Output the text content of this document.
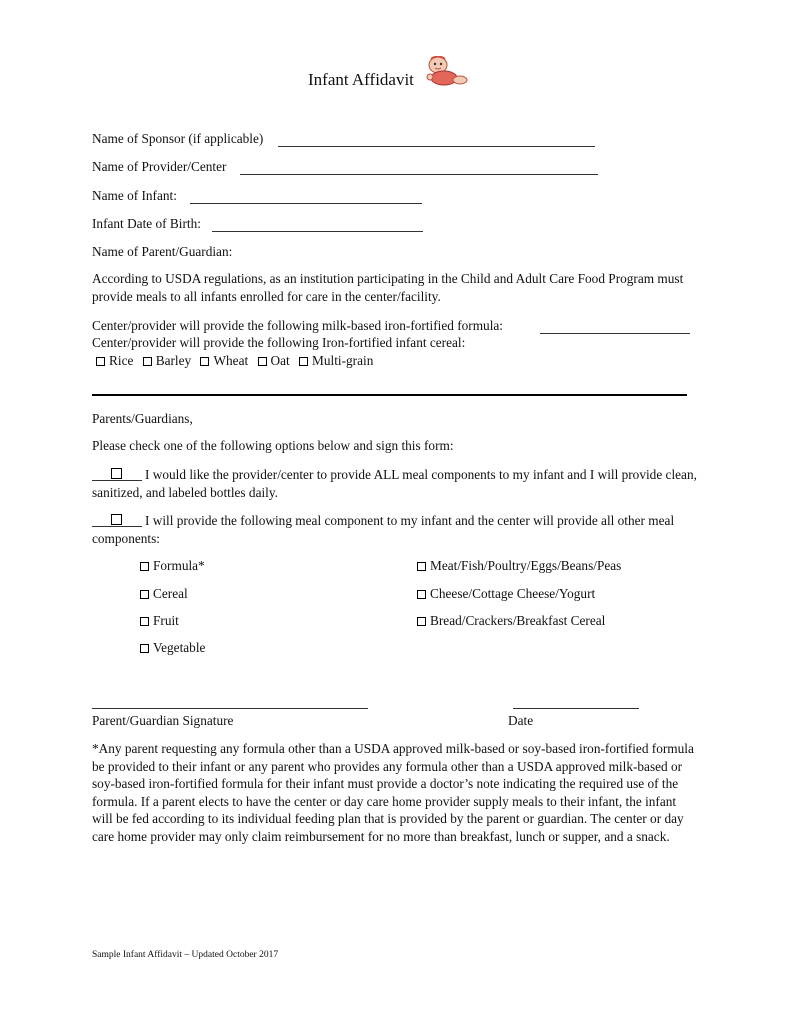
Infant Affidavit
Name of Sponsor (if applicable)
Name of Provider/Center
Name of Infant:
Infant Date of Birth:
Name of Parent/Guardian:
According to USDA regulations, as an institution participating in the Child and Adult Care Food Program must provide meals to all infants enrolled for care in the center/facility.
Center/provider will provide the following milk-based iron-fortified formula:
Center/provider will provide the following Iron-fortified infant cereal:
Rice Barley Wheat Oat Multi-grain
Parents/Guardians,
Please check one of the following options below and sign this form:
I would like the provider/center to provide ALL meal components to my infant and I will provide clean, sanitized, and labeled bottles daily.
I will provide the following meal component to my infant and the center will provide all other meal components:
Formula*
Cereal
Fruit
Vegetable
Meat/Fish/Poultry/Eggs/Beans/Peas
Cheese/Cottage Cheese/Yogurt
Bread/Crackers/Breakfast Cereal
Parent/Guardian Signature	Date
*Any parent requesting any formula other than a USDA approved milk-based or soy-based iron-fortified formula be provided to their infant or any parent who provides any formula other than a USDA approved milk-based or soy-based iron-fortified formula for their infant must provide a doctor’s note indicating the required use of the formula. If a parent elects to have the center or day care home provider supply meals to their infant, the infant will be fed according to its individual feeding plan that is provided by the parent or guardian. The center or day care home provider may only claim reimbursement for no more than breakfast, lunch or supper, and a snack.
Sample Infant Affidavit – Updated October 2017
